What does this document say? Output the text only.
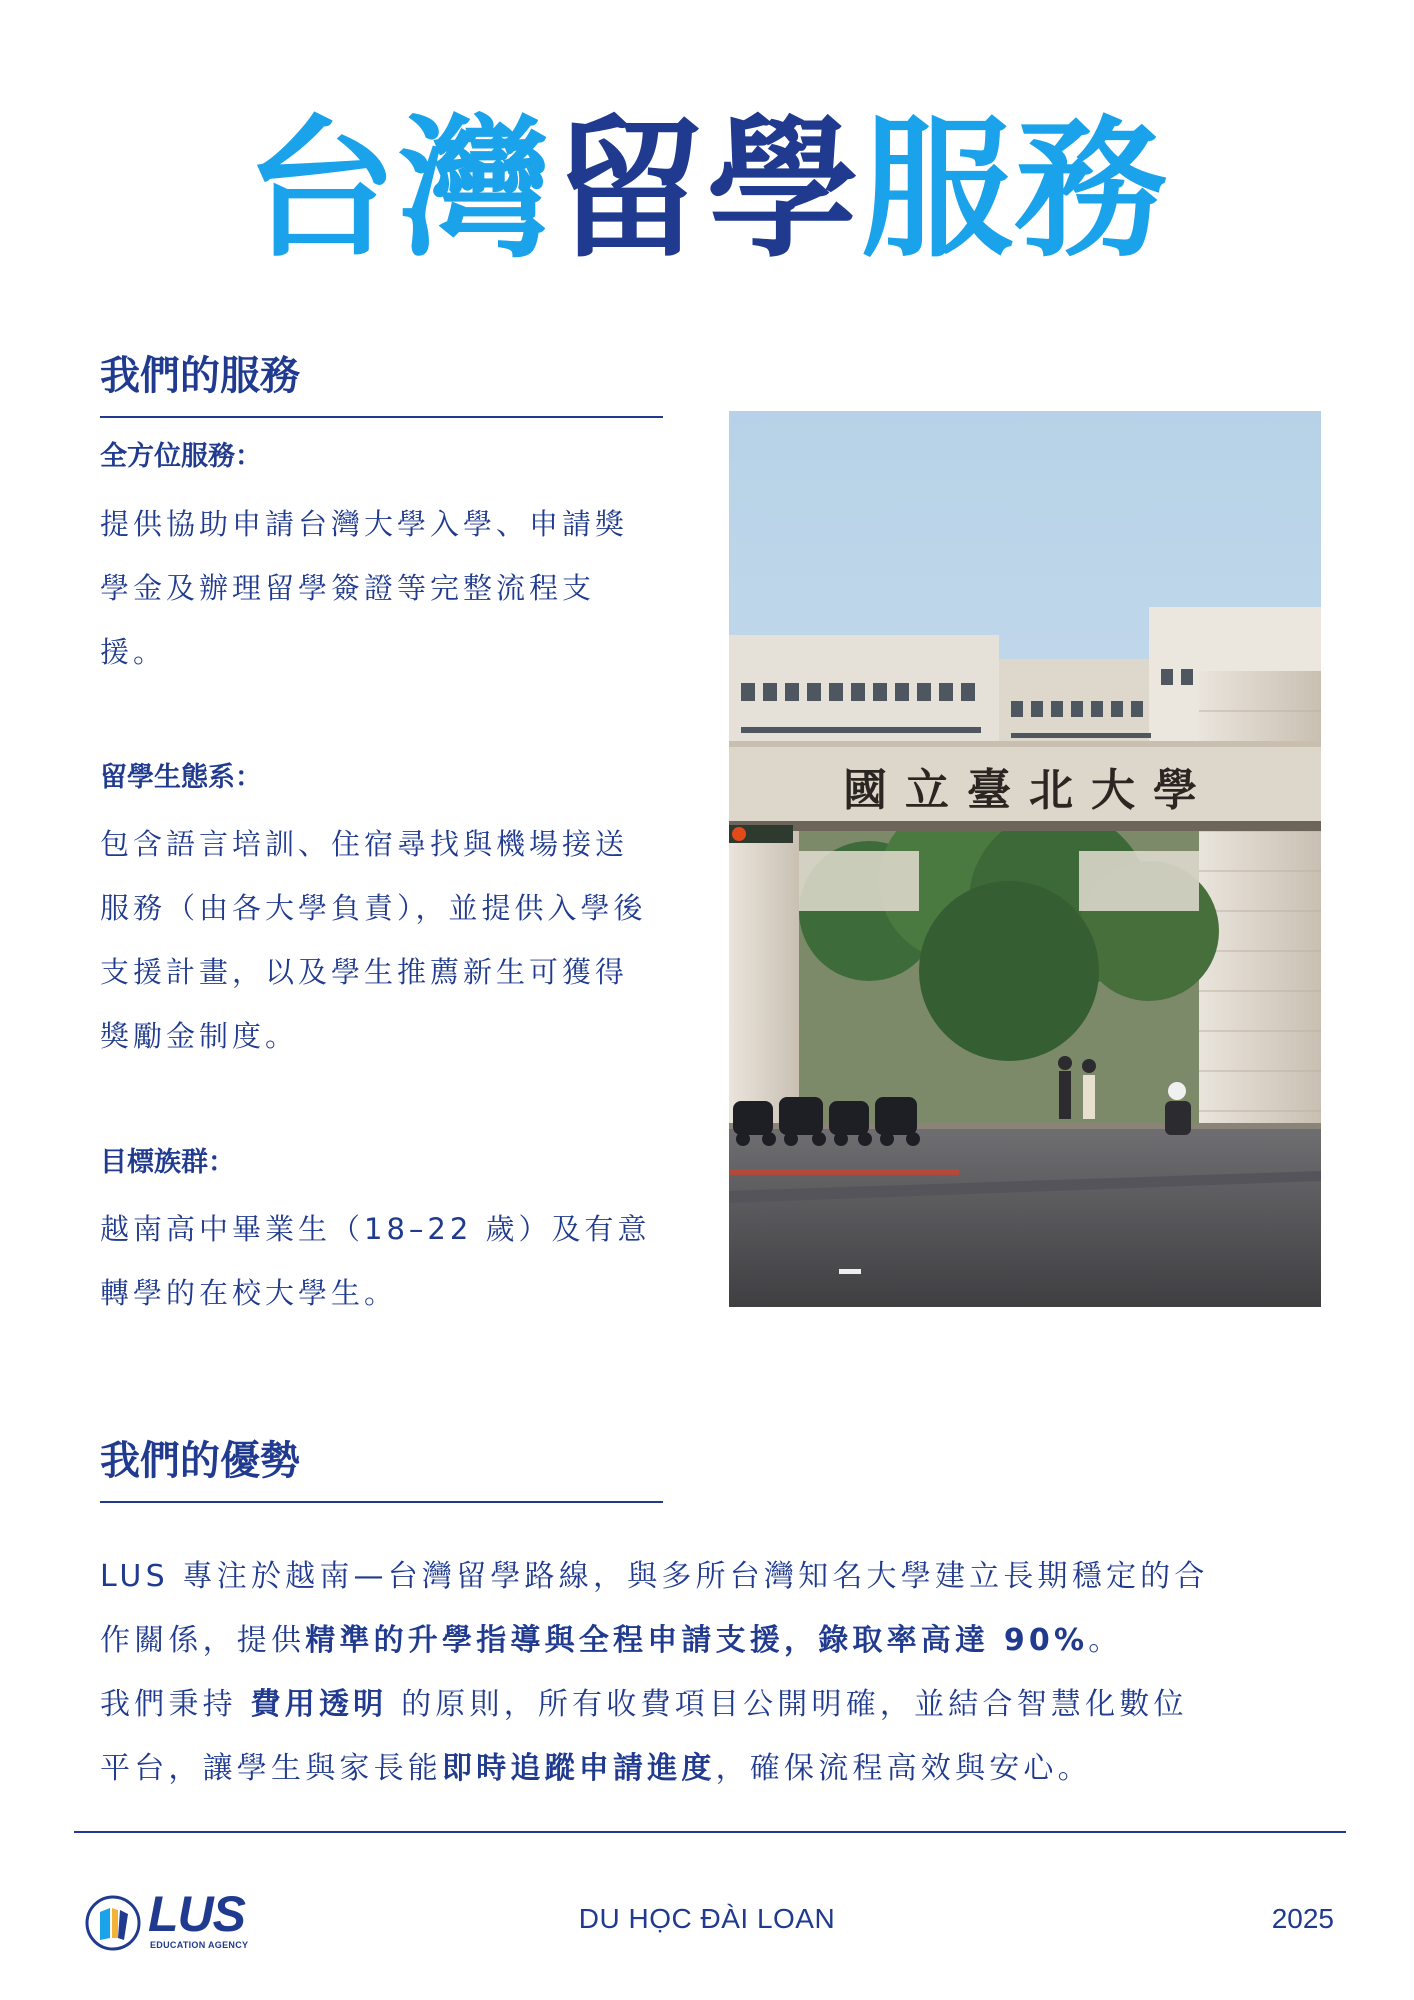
台灣留學服務
我們的服務
全方位服務：
提供協助申請台灣大學入學、申請獎
學金及辦理留學簽證等完整流程支
援。
留學生態系：
包含語言培訓、住宿尋找與機場接送
服務（由各大學負責），並提供入學後
支援計畫，以及學生推薦新生可獲得
獎勵金制度。
目標族群：
越南高中畢業生（18–22 歲）及有意
轉學的在校大學生。
國立臺北大學
我們的優勢
LUS 專注於越南—台灣留學路線，與多所台灣知名大學建立長期穩定的合
作關係，提供精準的升學指導與全程申請支援，錄取率高達 90%。
我們秉持 費用透明 的原則，所有收費項目公開明確，並結合智慧化數位
平台，讓學生與家長能即時追蹤申請進度，確保流程高效與安心。
LUS
EDUCATION AGENCY
DU HỌC ĐÀI LOAN	2025
